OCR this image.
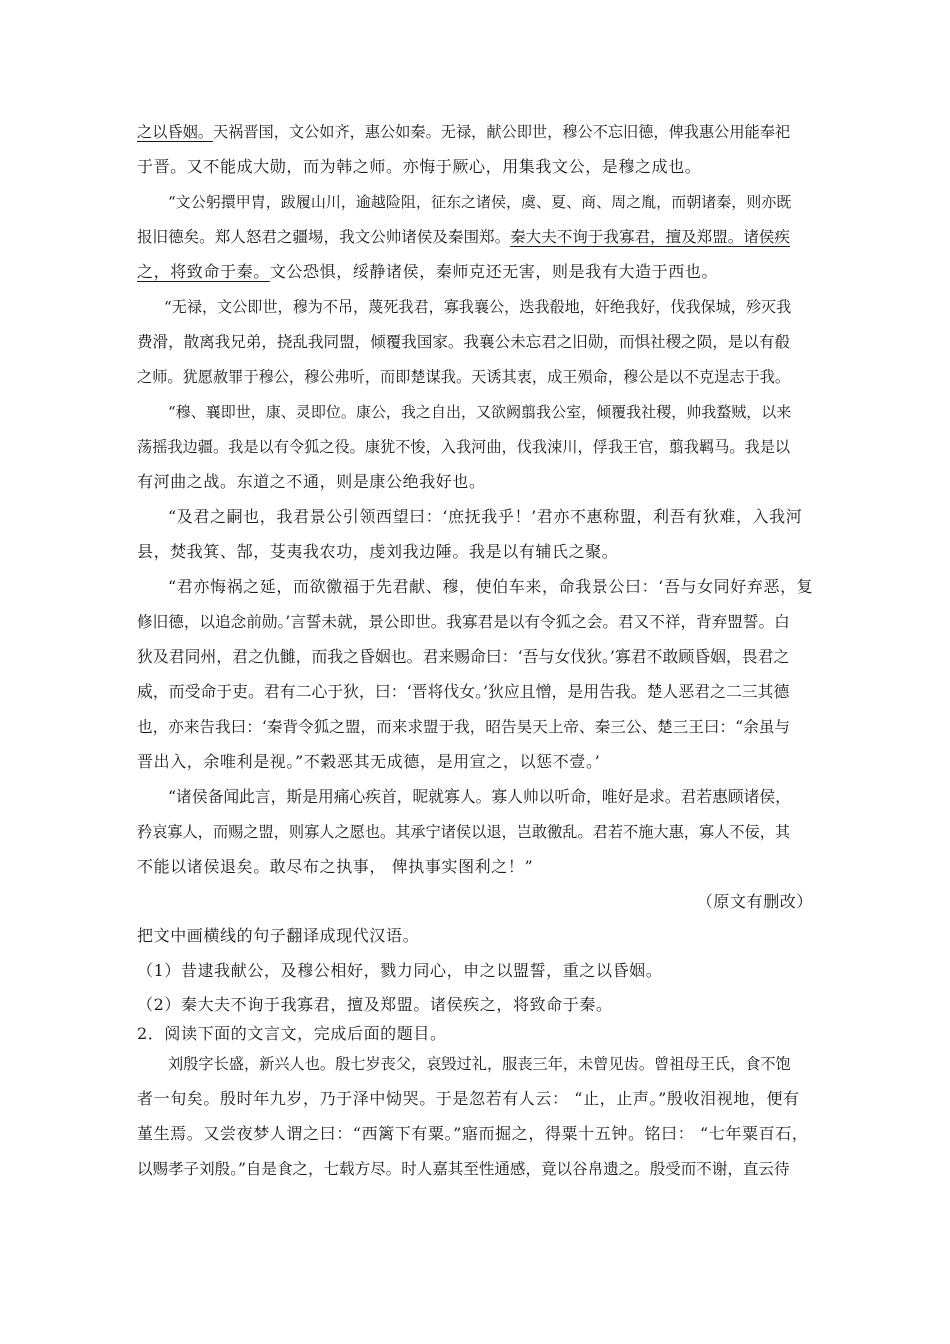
之以昏姻。天祸晋国，文公如齐，惠公如秦。无禄，献公即世，穆公不忘旧德，俾我惠公用能奉祀
于晋。又不能成大勋，而为韩之师。亦悔于厥心，用集我文公，是穆之成也。
“文公躬擐甲胄，跋履山川，逾越险阻，征东之诸侯，虞、夏、商、周之胤，而朝诸秦，则亦既
报旧德矣。郑人怒君之疆埸，我文公帅诸侯及秦围郑。秦大夫不询于我寡君，擅及郑盟。诸侯疾
之，将致命于秦。文公恐惧，绥静诸侯，秦师克还无害，则是我有大造于西也。
“无禄，文公即世，穆为不吊，蔑死我君，寡我襄公，迭我殽地，奸绝我好，伐我保城，殄灭我
费滑，散离我兄弟，挠乱我同盟，倾覆我国家。我襄公未忘君之旧勋，而惧社稷之陨，是以有殽
之师。犹愿赦罪于穆公，穆公弗听，而即楚谋我。天诱其衷，成王殒命，穆公是以不克逞志于我。
“穆、襄即世，康、灵即位。康公，我之自出，又欲阙翦我公室，倾覆我社稷，帅我蝥贼，以来
荡摇我边疆。我是以有令狐之役。康犹不悛，入我河曲，伐我涑川，俘我王官，翦我羁马。我是以
有河曲之战。东道之不通，则是康公绝我好也。
“及君之嗣也，我君景公引领西望曰：‘庶抚我乎！’君亦不惠称盟，利吾有狄难，入我河
县，焚我箕、郜，芟夷我农功，虔刘我边陲。我是以有辅氏之聚。
“君亦悔祸之延，而欲徼福于先君献、穆，使伯车来，命我景公曰：‘吾与女同好弃恶，复
修旧德，以追念前勋。’言誓未就，景公即世。我寡君是以有令狐之会。君又不祥，背弃盟誓。白
狄及君同州，君之仇雠，而我之昏姻也。君来赐命曰：‘吾与女伐狄。’寡君不敢顾昏姻，畏君之
威，而受命于吏。君有二心于狄，曰：‘晋将伐女。’狄应且憎，是用告我。楚人恶君之二三其德
也，亦来告我曰：‘秦背令狐之盟，而来求盟于我，昭告昊天上帝、秦三公、楚三王曰：“余虽与
晋出入，余唯利是视。”不穀恶其无成德，是用宣之，以惩不壹。’
“诸侯备闻此言，斯是用痛心疾首，昵就寡人。寡人帅以听命，唯好是求。君若惠顾诸侯，
矜哀寡人，而赐之盟，则寡人之愿也。其承宁诸侯以退，岂敢徼乱。君若不施大惠，寡人不佞，其
不能以诸侯退矣。敢尽布之执事， 俾执事实图利之！”
（原文有删改）
把文中画横线的句子翻译成现代汉语。
（1）昔逮我献公，及穆公相好，戮力同心，申之以盟誓，重之以昏姻。
（2）秦大夫不询于我寡君，擅及郑盟。诸侯疾之，将致命于秦。
2．阅读下面的文言文，完成后面的题目。
刘殷字长盛，新兴人也。殷七岁丧父，哀毁过礼，服丧三年，未曾见齿。曾祖母王氏，食不饱
者一旬矣。殷时年九岁，乃于泽中恸哭。于是忽若有人云： “止，止声。”殷收泪视地，便有
堇生焉。又尝夜梦人谓之曰：“西篱下有粟。”寤而掘之，得粟十五钟。铭曰： “七年粟百石，
以赐孝子刘殷。”自是食之，七载方尽。时人嘉其至性通感，竟以谷帛遗之。殷受而不谢，直云待
